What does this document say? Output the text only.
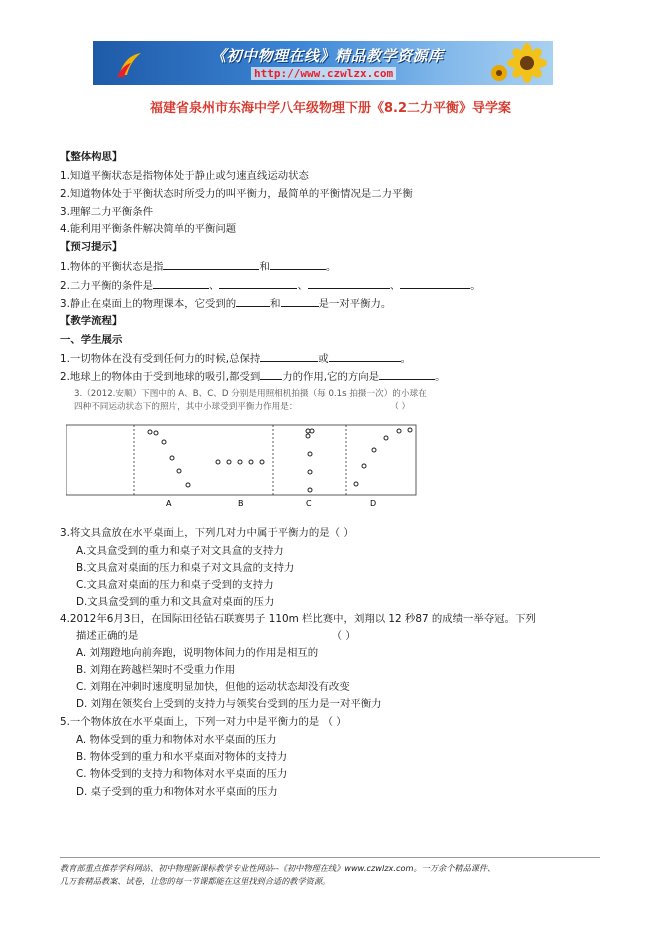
《初中物理在线》精品教学资源库
http://www.czwlzx.com
福建省泉州市东海中学八年级物理下册《8.2二力平衡》导学案
【整体构思】
1.知道平衡状态是指物体处于静止或匀速直线运动状态
2.知道物体处于平衡状态时所受力的叫平衡力，最简单的平衡情况是二力平衡
3.理解二力平衡条件
4.能利用平衡条件解决简单的平衡问题
【预习提示】
1.物体的平衡状态是指	和	。
2.二力平衡的条件是	、	、	、	。
3.静止在桌面上的物理课本，它受到的	和	是一对平衡力。
【教学流程】
一、学生展示
1.一切物体在没有受到任何力的时候,总保持	或	。
2.地球上的物体由于受到地球的吸引,都受到 力的作用,它的方向是	。
3.（2012.安顺）下图中的 A、B、C、D 分别是用照相机拍摄（每 0.1s 拍摄一次）的小球在
四种不同运动状态下的照片，其中小球受到平衡力作用是：	（ ）
A	B	C	D
3.将文具盒放在水平桌面上，下列几对力中属于平衡力的是（ ）
A.文具盒受到的重力和桌子对文具盒的支持力
B.文具盒对桌面的压力和桌子对文具盒的支持力
C.文具盒对桌面的压力和桌子受到的支持力
D.文具盒受到的重力和文具盒对桌面的压力
4.2012年6月3日，在国际田径钻石联赛男子 110m 栏比赛中，刘翔以 12 秒87 的成绩一举夺冠。下列
描述正确的是	（ ）
A. 刘翔蹬地向前奔跑，说明物体间力的作用是相互的
B. 刘翔在跨越栏架时不受重力作用
C. 刘翔在冲刺时速度明显加快，但他的运动状态却没有改变
D. 刘翔在领奖台上受到的支持力与领奖台受到的压力是一对平衡力
5.一个物体放在水平桌面上，下列一对力中是平衡力的是 （ ）
A. 物体受到的重力和物体对水平桌面的压力
B. 物体受到的重力和水平桌面对物体的支持力
C. 物体受到的支持力和物体对水平桌面的压力
D. 桌子受到的重力和物体对水平桌面的压力
教育部重点推荐学科网站、初中物理新课标教学专业性网站--《初中物理在线》www.czwlzx.com。一万余个精品课件、
几万套精品教案、试卷，让您的每一节课都能在这里找到合适的教学资源。
